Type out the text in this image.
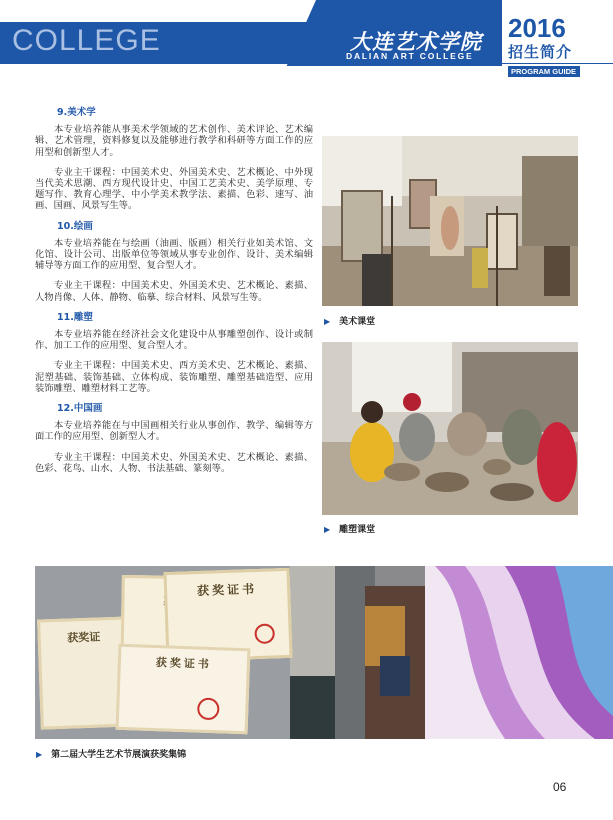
COLLEGE	大连艺术学院
DALIAN ART COLLEGE
2016
招生简介
PROGRAM GUIDE
9.美术学

本专业培养能从事美术学领域的艺术创作、美术评论、艺术编辑、艺术管理，资料修复以及能够进行教学和科研等方面工作的应用型和创新型人才。

专业主干课程：中国美术史、外国美术史、艺术概论、中外现当代美术思潮、西方现代设计史、中国工艺美术史、美学原理、专题写作、教育心理学、中小学美术教学法、素描、色彩、速写、油画、国画、风景写生等。

10.绘画

本专业培养能在与绘画（油画、版画）相关行业如美术馆、文化馆、设计公司、出版单位等领域从事专业创作、设计、美术编辑辅导等方面工作的应用型、复合型人才。

专业主干课程：中国美术史、外国美术史、艺术概论、素描、人物肖像、人体、静物、临摹、综合材料、风景写生等。

11.雕塑

本专业培养能在经济社会文化建设中从事雕塑创作、设计或制作、加工工作的应用型、复合型人才。

专业主干课程：中国美术史、西方美术史、艺术概论、素描、泥塑基础、装饰基础、立体构成、装饰雕塑、雕塑基础造型、应用装饰雕塑、雕塑材料工艺等。

12.中国画

本专业培养能在与中国画相关行业从事创作、教学、编辑等方面工作的应用型、创新型人才。

专业主干课程：中国美术史、外国美术史、艺术概论、素描、色彩、花鸟、山水、人物、书法基础、篆刻等。

▶ 美术课堂
▶ 雕塑课堂
获奖证
获奖证书
获奖证书
▶ 第二届大学生艺术节展演获奖集锦
06
